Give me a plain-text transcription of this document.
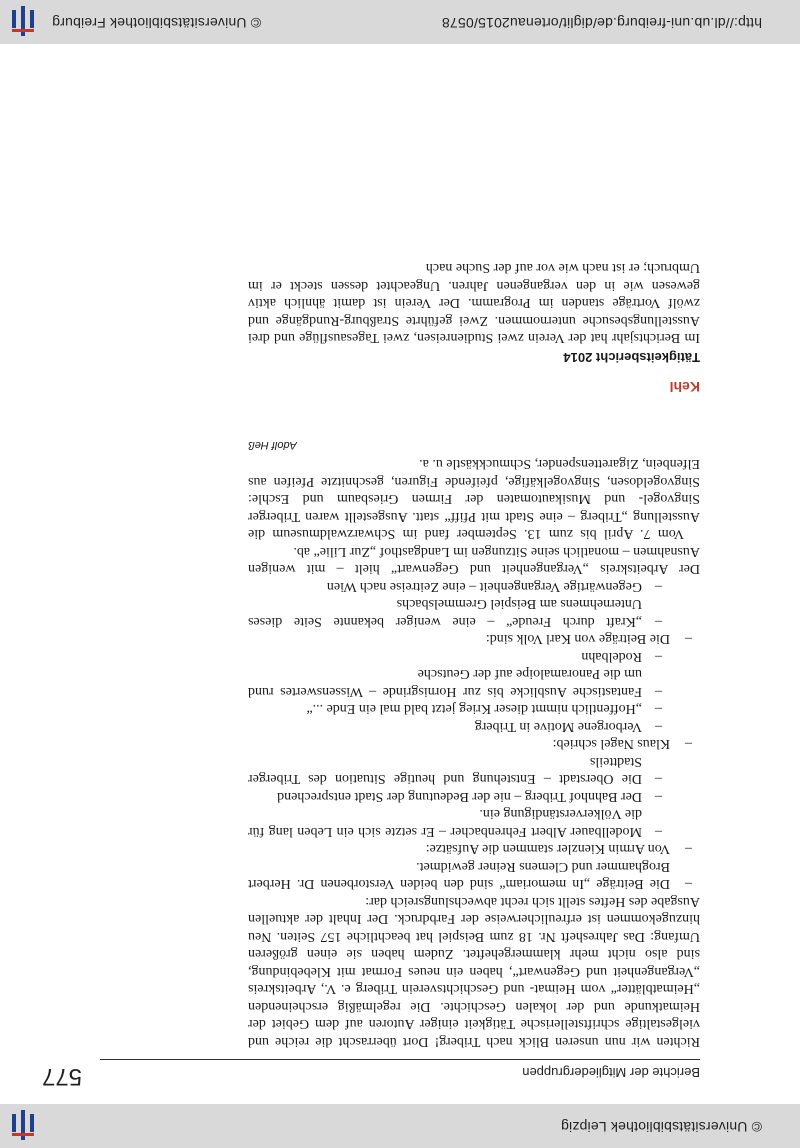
© Universitätsbibliothek Leipzig
Berichte der Mitgliedergruppen
577

Richten wir nun unseren Blick nach Triberg! Dort überrascht die reiche und vielgestaltige schriftstellerische Tätigkeit einiger Autoren auf dem Gebiet der Heimatkunde und der lokalen Geschichte. Die regelmäßig erscheinenden „Heimatblätter“ vom Heimat- und Geschichtsverein Triberg e. V., Arbeitskreis „Vergangenheit und Gegenwart“, haben ein neues Format mit Klebebindung, sind also nicht mehr klammergeheftet. Zudem haben sie einen größeren Umfang: Das Jahresheft Nr. 18 zum Beispiel hat beachtliche 157 Seiten. Neu hinzugekommen ist erfreulicherweise der Farbdruck. Der Inhalt der aktuellen Ausgabe des Heftes stellt sich recht abwechslungsreich dar:

– Die Beiträge „In memoriam“ sind den beiden Verstorbenen Dr. Herbert Broghammer und Clemens Reiner gewidmet.
– Von Armin Kienzler stammen die Aufsätze:
– Modellbauer Albert Fehrenbacher – Er setzte sich ein Leben lang für die Völkerverständigung ein.
– Der Bahnhof Triberg – nie der Bedeutung der Stadt entsprechend
– Die Oberstadt – Entstehung und heutige Situation des Triberger Stadtteils
– Klaus Nagel schrieb:
– Verborgene Motive in Triberg
– „Hoffentlich nimmt dieser Krieg jetzt bald mal ein Ende ...“
– Fantastische Ausblicke bis zur Hornisgrinde – Wissenswertes rund um die Panoramaloipe auf der Geutsche
– Rodelbahn
– Die Beiträge von Karl Volk sind:
– „Kraft durch Freude“ – eine weniger bekannte Seite dieses Unternehmens am Beispiel Gremmelsbachs
– Gegenwärtige Vergangenheit – eine Zeitreise nach Wien

Der Arbeitskreis „Vergangenheit und Gegenwart“ hielt – mit wenigen Ausnahmen – monatlich seine Sitzungen im Landgasthof „Zur Lilie“ ab.

Vom 7. April bis zum 13. September fand im Schwarzwaldmuseum die Ausstellung „Triberg – eine Stadt mit Pfiff“ statt. Ausgestellt waren Triberger Singvogel- und Musikautomaten der Firmen Griesbaum und Eschle: Singvogeldosen, Singvogelkäfige, pfeifende Figuren, geschnitzte Pfeifen aus Elfenbein, Zigarettenspender, Schmuckkästle u. a.

Adolf Heß
Kehl
Tätigkeitsbericht 2014

Im Berichtsjahr hat der Verein zwei Studienreisen, zwei Tagesausflüge und drei Ausstellungsbesuche unternommen. Zwei geführte Straßburg-Rundgänge und zwölf Vorträge standen im Programm. Der Verein ist damit ähnlich aktiv gewesen wie in den vergangenen Jahren. Ungeachtet dessen steckt er im Umbruch; er ist nach wie vor auf der Suche nach

http://dl.ub.uni-freiburg.de/diglit/ortenau2015/0578
© Universitätsbibliothek Freiburg
